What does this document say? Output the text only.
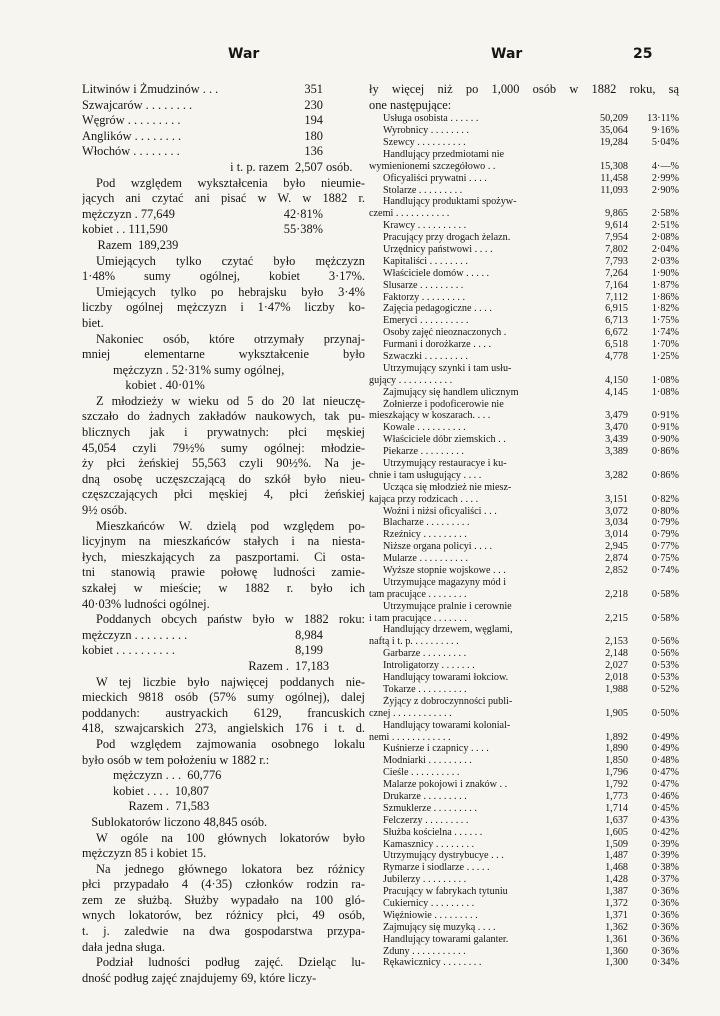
War	War	25
Litwinów i Żmudzinów . . .	351
Szwajcarów . . . . . . . .	230
Węgrów . . . . . . . . .	194
Anglików . . . . . . . .	180
Włochów . . . . . . . .	136
i t. p. razem 2,507 osób.
Pod względem wykształcenia było nieumie-
jących ani czytać ani pisać w W. w 1882 r.
mężczyzn . 77,649	42·81%
kobiet . . 111,590	55·38%
Razem  189,239
Umiejących tylko czytać było mężczyzn
1·48% sumy ogólnej, kobiet 3·17%.
Umiejących tylko po hebrajsku było 3·4%
liczby ogólnej mężczyzn i 1·47% liczby ko-
biet.
Nakoniec osób, które otrzymały przynaj-
mniej elementarne wykształcenie było
mężczyzn . 52·31% sumy ogólnej,
kobiet . 40·01%
Z młodzieży w wieku od 5 do 20 lat nieuczę-
szczało do żadnych zakładów naukowych, tak pu-
blicznych jak i prywatnych: płci męskiej
45,054 czyli 79½% sumy ogólnej: młodzie-
ży płci żeńskiej 55,563 czyli 90½%. Na je-
dną osobę uczęszczającą do szkół było nieu-
częszczających płci męskiej 4, płci żeńskiej
9½ osób.
Mieszkańców W. dzielą pod względem po-
licyjnym na mieszkańców stałych i na niesta-
łych, mieszkających za paszportami. Ci osta-
tni stanowią prawie połowę ludności zamie-
szkałej w mieście; w 1882 r. było ich
40·03% ludności ogólnej.
Poddanych obcych państw było w 1882 roku:
mężczyzn . . . . . . . . .	8,984
kobiet . . . . . . . . . .	8,199
Razem . 17,183
W tej liczbie było najwięcej poddanych nie-
mieckich 9818 osób (57% sumy ogólnej), dalej
poddanych: austryackich 6129, francuskich
418, szwajcarskich 273, angielskich 176 i t. d.
Pod względem zajmowania osobnego lokalu
było osób w tem położeniu w 1882 r.:
mężczyzn . . .  60,776
kobiet . . . .  10,807
Razem .  71,583
Sublokatorów liczono 48,845 osób.
W ogóle na 100 głównych lokatorów było
mężczyzn 85 i kobiet 15.
Na jednego głównego lokatora bez różnicy
płci przypadało 4 (4·35) członków rodzin ra-
zem ze służbą. Służby wypadało na 100 gló-
wnych lokatorów, bez różnicy płci, 49 osób,
t. j. zaledwie na dwa gospodarstwa przypa-
dała jedna sługa.
Podział ludności podług zajęć. Dzieląc lu-
dność podług zajęć znajdujemy 69, które liczy-
ły więcej niż po 1,000 osób w 1882 roku, są
one następujące:
Usługa osobista . . . . . .	50,209	13·11%
Wyrobnicy . . . . . . . .	35,064	9·16%
Szewcy . . . . . . . . . .	19,284	5·04%
Handlujący przedmiotami nie
wymienionemi szczegółowo . .	15,308	4·—%
Oficyaliści prywatni . . . .	11,458	2·99%
Stolarze . . . . . . . . .	11,093	2·90%
Handlujący produktami spożyw-
czemi . . . . . . . . . . .	9,865	2·58%
Krawcy . . . . . . . . . .	9,614	2·51%
Pracujący przy drogach żelazn.	7,954	2·08%
Urzędnicy państwowi . . . .	7,802	2·04%
Kapitaliści . . . . . . . .	7,793	2·03%
Właściciele domów . . . . .	7,264	1·90%
Ślusarze . . . . . . . . .	7,164	1·87%
Faktorzy . . . . . . . . .	7,112	1·86%
Zajęcia pedagogiczne . . . .	6,915	1·82%
Emeryci . . . . . . . . . .	6,713	1·75%
Osoby zajęć nieoznaczonych .	6,672	1·74%
Furmani i dorożkarze . . . .	6,518	1·70%
Szwaczki . . . . . . . . .	4,778	1·25%
Utrzymujący szynki i tam usłu-
gujący . . . . . . . . . . .	4,150	1·08%
Zajmujący się handlem ulicznym	4,145	1·08%
Żołnierze i podoficerowie nie
mieszkający w koszarach. . . .	3,479	0·91%
Kowale . . . . . . . . . .	3,470	0·91%
Właściciele dóbr ziemskich . .	3,439	0·90%
Piekarze . . . . . . . . .	3,389	0·86%
Utrzymujący restauracye i ku-
chnie i tam usługujący . . . .	3,282	0·86%
Ucząca się młodzież nie miesz-
kająca przy rodzicach . . . .	3,151	0·82%
Woźni i niżsi oficyaliści . . .	3,072	0·80%
Blacharze . . . . . . . . .	3,034	0·79%
Rzeźnicy . . . . . . . . .	3,014	0·79%
Niższe organa policyi . . . .	2,945	0·77%
Mularze . . . . . . . . . .	2,874	0·75%
Wyższe stopnie wojskowe . . .	2,852	0·74%
Utrzymujące magazyny mód i
tam pracujące . . . . . . . .	2,218	0·58%
Utrzymujące pralnie i cerownie
i tam pracujące . . . . . . .	2,215	0·58%
Handlujący drzewem, węglami,
naftą i t. p. . . . . . . . . .	2,153	0·56%
Garbarze . . . . . . . . .	2,148	0·56%
Introligatorzy . . . . . . .	2,027	0·53%
Handlujący towarami łokciow.	2,018	0·53%
Tokarze . . . . . . . . . .	1,988	0·52%
Żyjący z dobroczynności publi-
cznej . . . . . . . . . . . .	1,905	0·50%
Handlujący towarami kolonial-
nemi . . . . . . . . . . . .	1,892	0·49%
Kuśnierze i czapnicy . . . .	1,890	0·49%
Modniarki . . . . . . . . .	1,850	0·48%
Cieśle . . . . . . . . . .	1,796	0·47%
Malarze pokojowi i znaków . .	1,792	0·47%
Drukarze . . . . . . . . .	1,773	0·46%
Szmuklerze . . . . . . . . .	1,714	0·45%
Felczerzy . . . . . . . . .	1,637	0·43%
Służba kościelna . . . . . .	1,605	0·42%
Kamasznicy . . . . . . . .	1,509	0·39%
Utrzymujący dystrybucye . . .	1,487	0·39%
Rymarze i siodlarze . . . . .	1,468	0·38%
Jubilerzy . . . . . . . . .	1,428	0·37%
Pracujący w fabrykach tytuniu	1,387	0·36%
Cukiernicy . . . . . . . . .	1,372	0·36%
Więźniowie . . . . . . . . .	1,371	0·36%
Zajmujący się muzyką . . . .	1,362	0·36%
Handlujący towarami galanter.	1,361	0·36%
Zduny . . . . . . . . . . .	1,360	0·36%
Rękawicznicy . . . . . . . .	1,300	0·34%
